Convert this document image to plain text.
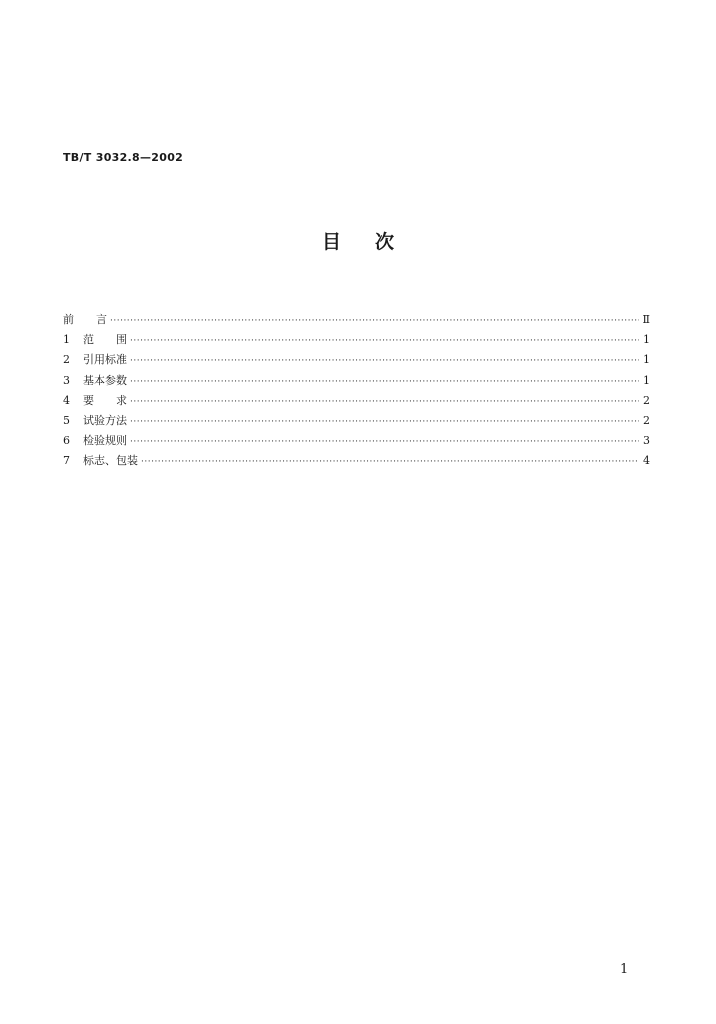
TB/T 3032.8—2002
目 次
前　　言 ·····	Ⅱ
1	范　　围 ·····	1
2	引用标准 ·····	1
3	基本参数 ·····	1
4	要　　求 ·····	2
5	试验方法 ·····	2
6	检验规则 ·····	3
7	标志、包装 ·····	4
1
